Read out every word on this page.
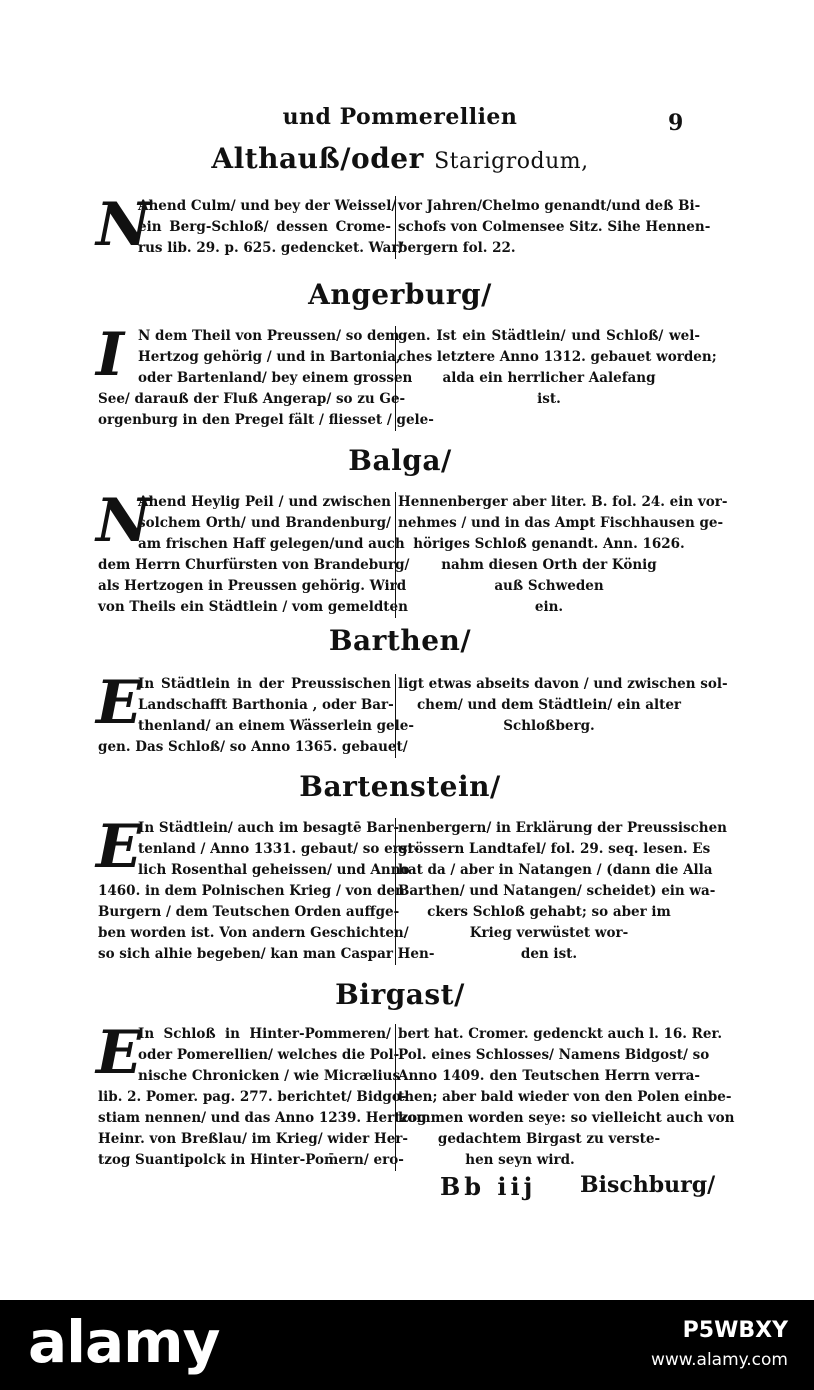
und Pommerellien	9
Althauß/oder Starigrodum,
N
Ahend Culm/ und bey der Weissel/
ein Berg-Schloß/ dessen Crome-
rus lib. 29. p. 625. gedencket. War/
vor Jahren/Chelmo genandt/und deß Bi-
schofs von Colmensee Sitz. Sihe Hennen-
bergern fol. 22.
Angerburg/
I	N dem Theil von Preussen/ so dem
Hertzog gehörig / und in Bartonia,
oder Bartenland/ bey einem grossen
See/ darauß der Fluß Angerap/ so zu Ge-
orgenburg in den Pregel fält / fliesset / gele-
gen. Ist ein Städtlein/ und Schloß/ wel-
ches letztere Anno 1312. gebauet worden;
alda ein herrlicher Aalefang
ist.
Balga/
N
Ahend Heylig Peil / und zwischen
solchem Orth/ und Brandenburg/
am frischen Haff gelegen/und auch
dem Herrn Churfürsten von Brandeburg/
als Hertzogen in Preussen gehörig. Wird
von Theils ein Städtlein / vom gemeldten
Hennenberger aber liter. B. fol. 24. ein vor-
nehmes / und in das Ampt Fischhausen ge-
höriges Schloß genandt. Ann. 1626.
nahm diesen Orth der König
auß Schweden
ein.
Barthen/
E
In Städtlein in der Preussischen
Landschafft Barthonia , oder Bar-
thenland/ an einem Wässerlein gele-
gen. Das Schloß/ so Anno 1365. gebauet/
ligt etwas abseits davon / und zwischen sol-
chem/ und dem Städtlein/ ein alter
Schloßberg.
Bartenstein/
E
In Städtlein/ auch im besagtē Bar-
tenland / Anno 1331. gebaut/ so erst-
lich Rosenthal geheissen/ und Anno
1460. in dem Polnischen Krieg / von den
Burgern / dem Teutschen Orden auffge-
ben worden ist. Von andern Geschichten/
so sich alhie begeben/ kan man Caspar Hen-
nenbergern/ in Erklärung der Preussischen
grössern Landtafel/ fol. 29. seq. lesen. Es
hat da / aber in Natangen / (dann die Alla
Barthen/ und Natangen/ scheidet) ein wa-
ckers Schloß gehabt; so aber im
Krieg verwüstet wor-
den ist.
Birgast/
E
In Schloß in Hinter-Pommeren/
oder Pomerellien/ welches die Pol-
nische Chronicken / wie Micrælius
lib. 2. Pomer. pag. 277. berichtet/ Bidgo-
stiam nennen/ und das Anno 1239. Hertzog
Heinr. von Breßlau/ im Krieg/ wider Her-
tzog Suantipolck in Hinter-Pom̄ern/ ero-
bert hat. Cromer. gedenckt auch l. 16. Rer.
Pol. eines Schlosses/ Namens Bidgost/ so
Anno 1409. den Teutschen Herrn verra-
then; aber bald wieder von den Polen einbe-
kommen worden seye: so vielleicht auch von
gedachtem Birgast zu verste-
hen seyn wird.
Bb iij Bischburg/
alamy	P5WBXY
www.alamy.com
